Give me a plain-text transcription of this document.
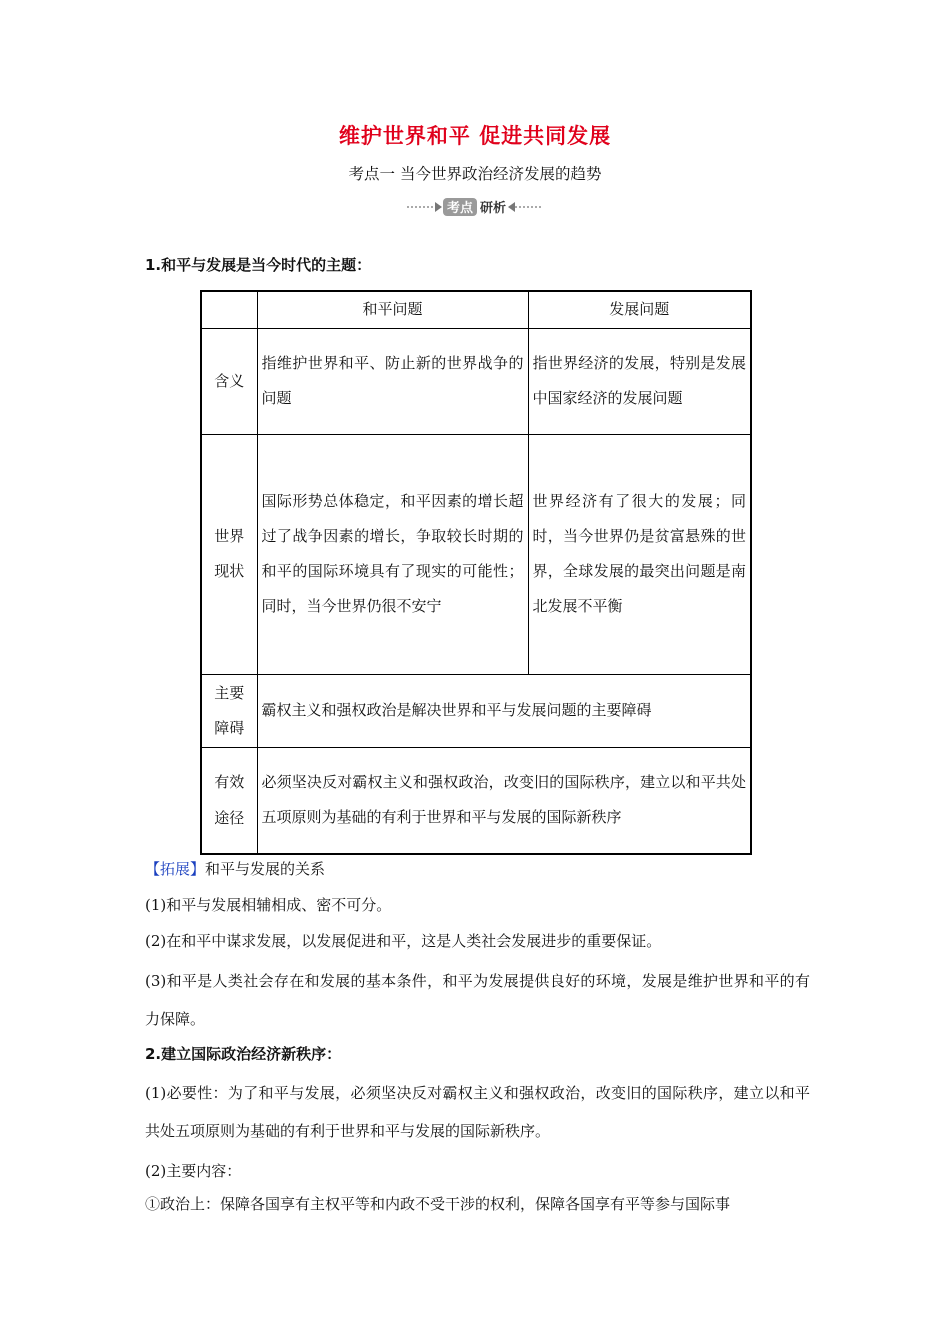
维护世界和平 促进共同发展
考点一 当今世界政治经济发展的趋势
考点 研析
1.和平与发展是当今时代的主题：
	和平问题	发展问题
含义	指维护世界和平、防止新的世界战争的问题	指世界经济的发展，特别是发展中国家经济的发展问题
世界现状	国际形势总体稳定，和平因素的增长超过了战争因素的增长，争取较长时期的和平的国际环境具有了现实的可能性；同时，当今世界仍很不安宁	世界经济有了很大的发展；同时，当今世界仍是贫富悬殊的世界，全球发展的最突出问题是南北发展不平衡
主要障碍	霸权主义和强权政治是解决世界和平与发展问题的主要障碍	
有效途径	必须坚决反对霸权主义和强权政治，改变旧的国际秩序，建立以和平共处五项原则为基础的有利于世界和平与发展的国际新秩序	
【拓展】和平与发展的关系
(1)和平与发展相辅相成、密不可分。
(2)在和平中谋求发展，以发展促进和平，这是人类社会发展进步的重要保证。
(3)和平是人类社会存在和发展的基本条件，和平为发展提供良好的环境，发展是维护世界和平的有力保障。
2.建立国际政治经济新秩序：
(1)必要性：为了和平与发展，必须坚决反对霸权主义和强权政治，改变旧的国际秩序，建立以和平共处五项原则为基础的有利于世界和平与发展的国际新秩序。
(2)主要内容：
①政治上：保障各国享有主权平等和内政不受干涉的权利，保障各国享有平等参与国际事
